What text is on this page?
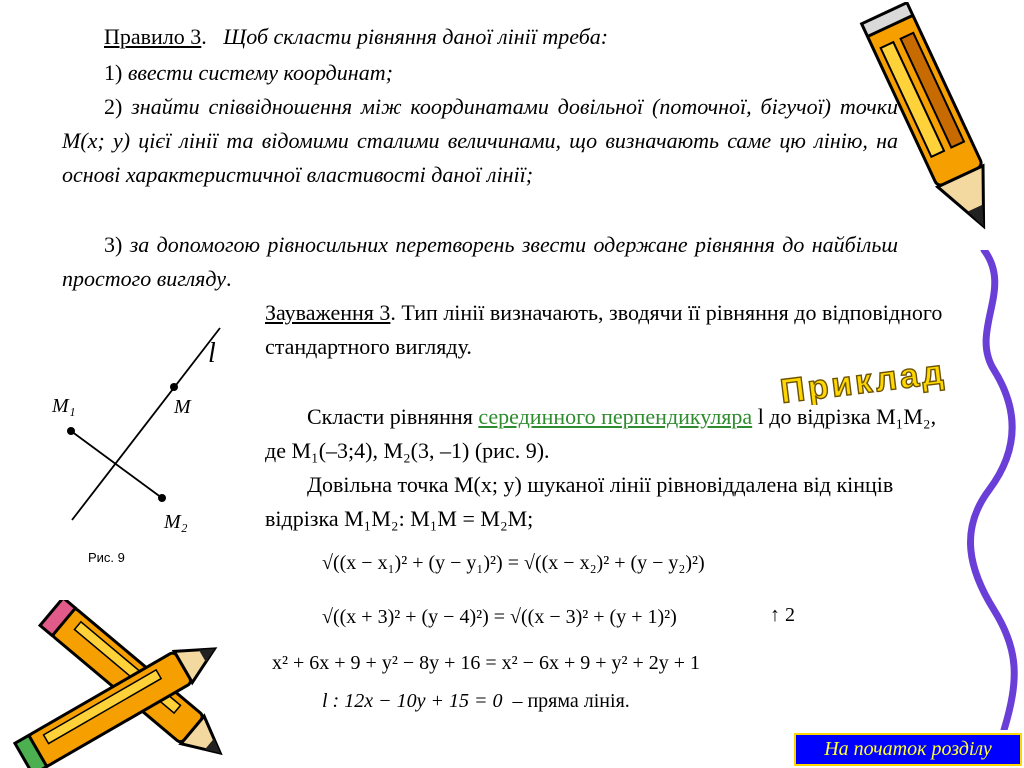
Правило 3. Щоб скласти рівняння даної лінії треба:
1) ввести систему координат;
2) знайти співвідношення між координатами довільної (поточної, бігучої) точки M(x; y) цієї лінії та відомими сталими величинами, що визначають саме цю лінію, на основі характеристичної властивості даної лінії;
3) за допомогою рівносильних перетворень звести одержане рівняння до найбільш простого вигляду.
Зауваження 3. Тип лінії визначають, зводячи її рівняння до відповідного стандартного вигляду.
Приклад
Скласти рівняння серединного перпендикуляра l до відрізка M₁M₂, де M₁(–3;4), M₂(3, –1) (рис. 9).
Довільна точка M(x; y) шуканої лінії рівновіддалена від кінців відрізка M₁M₂: M₁M = M₂M;
l
M₁	M
M₂
Рис. 9	√((x − x₁)² + (y − y₁)²) = √((x − x₂)² + (y − y₂)²)
√((x + 3)² + (y − 4)²) = √((x − 3)² + (y + 1)²)	↑ 2
x² + 6x + 9 + y² − 8y + 16 = x² − 6x + 9 + y² + 2y + 1
l : 12x − 10y + 15 = 0 – пряма лінія.
На початок розділу
